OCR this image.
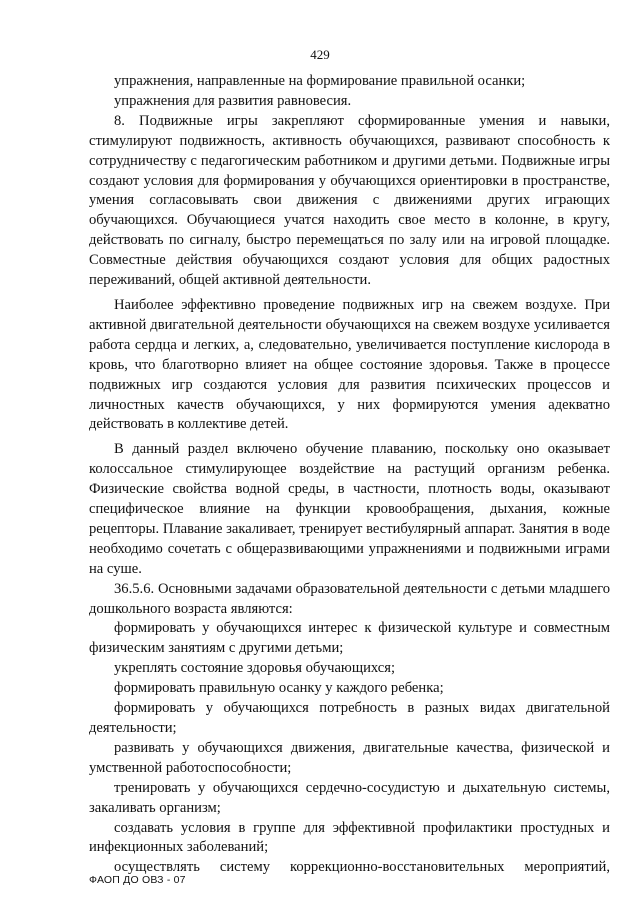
429

упражнения, направленные на формирование правильной осанки;

упражнения для развития равновесия.

8. Подвижные игры закрепляют сформированные умения и навыки, стимулируют подвижность, активность обучающихся, развивают способность к сотрудничеству с педагогическим работником и другими детьми. Подвижные игры создают условия для формирования у обучающихся ориентировки в пространстве, умения согласовывать свои движения с движениями других играющих обучающихся. Обучающиеся учатся находить свое место в колонне, в кругу, действовать по сигналу, быстро перемещаться по залу или на игровой площадке. Совместные действия обучающихся создают условия для общих радостных переживаний, общей активной деятельности.

Наиболее эффективно проведение подвижных игр на свежем воздухе. При активной двигательной деятельности обучающихся на свежем воздухе усиливается работа сердца и легких, а, следовательно, увеличивается поступление кислорода в кровь, что благотворно влияет на общее состояние здоровья. Также в процессе подвижных игр создаются условия для развития психических процессов и личностных качеств обучающихся, у них формируются умения адекватно действовать в коллективе детей.

В данный раздел включено обучение плаванию, поскольку оно оказывает колоссальное стимулирующее воздействие на растущий организм ребенка. Физические свойства водной среды, в частности, плотность воды, оказывают специфическое влияние на функции кровообращения, дыхания, кожные рецепторы. Плавание закаливает, тренирует вестибулярный аппарат. Занятия в воде необходимо сочетать с общеразвивающими упражнениями и подвижными играми на суше.

36.5.6. Основными задачами образовательной деятельности с детьми младшего дошкольного возраста являются:

формировать у обучающихся интерес к физической культуре и совместным физическим занятиям с другими детьми;

укреплять состояние здоровья обучающихся;

формировать правильную осанку у каждого ребенка;

формировать у обучающихся потребность в разных видах двигательной деятельности;

развивать у обучающихся движения, двигательные качества, физической и умственной работоспособности;

тренировать у обучающихся сердечно-сосудистую и дыхательную системы, закаливать организм;

создавать условия в группе для эффективной профилактики простудных и инфекционных заболеваний;

осуществлять систему коррекционно-восстановительных мероприятий,

ФАОП ДО ОВЗ - 07
